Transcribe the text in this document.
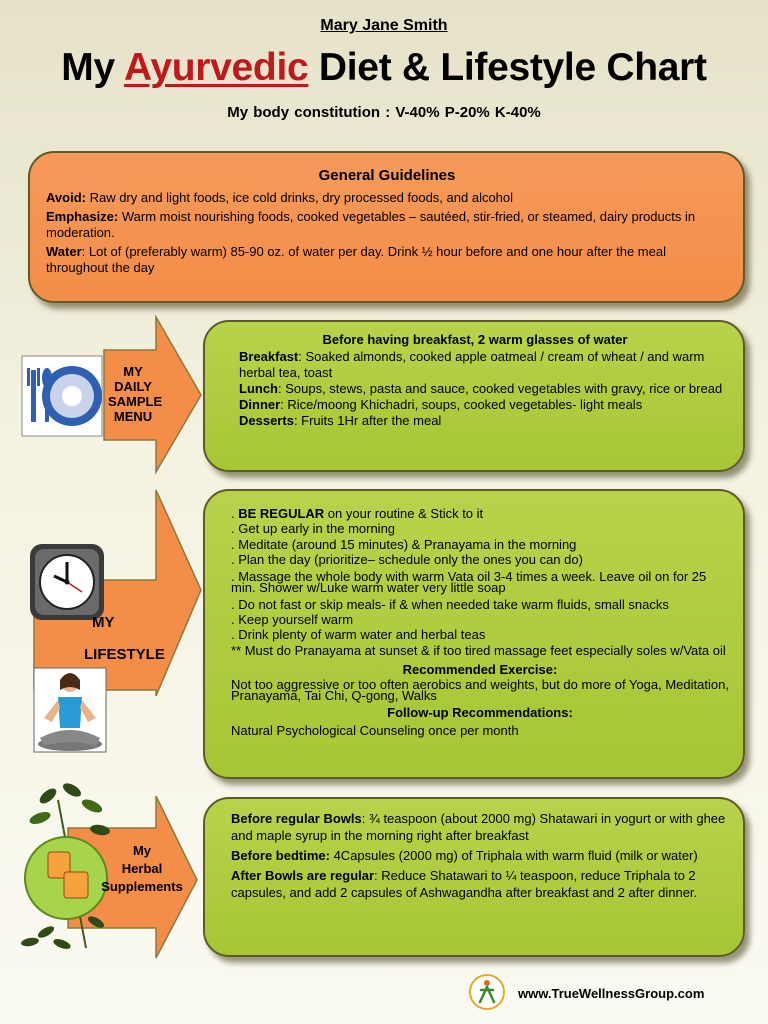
Mary Jane Smith
My Ayurvedic Diet & Lifestyle Chart
My body constitution : V-40% P-20% K-40%
MY
DAILY
SAMPLE
MENU
MY
LIFESTYLE
My
Herbal
Supplements
General Guidelines

Avoid: Raw dry and light foods, ice cold drinks, dry processed foods, and alcohol

Emphasize: Warm moist nourishing foods, cooked vegetables – sautéed, stir-fried, or steamed, dairy products in moderation.

Water: Lot of (preferably warm) 85-90 oz. of water per day. Drink ½ hour before and one hour after the meal throughout the day

Before having breakfast, 2 warm glasses of water

Breakfast: Soaked almonds, cooked apple oatmeal / cream of wheat / and warm herbal tea, toast

Lunch: Soups, stews, pasta and sauce, cooked vegetables with gravy, rice or bread

Dinner: Rice/moong Khichadri, soups, cooked vegetables- light meals

Desserts: Fruits 1Hr after the meal

. BE REGULAR on your routine & Stick to it

. Get up early in the morning

. Meditate (around 15 minutes) & Pranayama in the morning

. Plan the day (prioritize– schedule only the ones you can do)

. Massage the whole body with warm Vata oil 3-4 times a week. Leave oil on for 25 min. Shower w/Luke warm water very little soap

. Do not fast or skip meals- if & when needed take warm fluids, small snacks

. Keep yourself warm

. Drink plenty of warm water and herbal teas

** Must do Pranayama at sunset & if too tired massage feet especially soles w/Vata oil

Recommended Exercise:

Not too aggressive or too often aerobics and weights, but do more of Yoga, Meditation, Pranayama, Tai Chi, Q-gong, Walks

Follow-up Recommendations:

Natural Psychological Counseling once per month

Before regular Bowls: ¾ teaspoon (about 2000 mg) Shatawari in yogurt or with ghee and maple syrup in the morning right after breakfast

Before bedtime: 4Capsules (2000 mg) of Triphala with warm fluid (milk or water)

After Bowls are regular: Reduce Shatawari to ¼ teaspoon, reduce Triphala to 2 capsules, and add 2 capsules of Ashwagandha after breakfast and 2 after dinner.

www.TrueWellnessGroup.com
